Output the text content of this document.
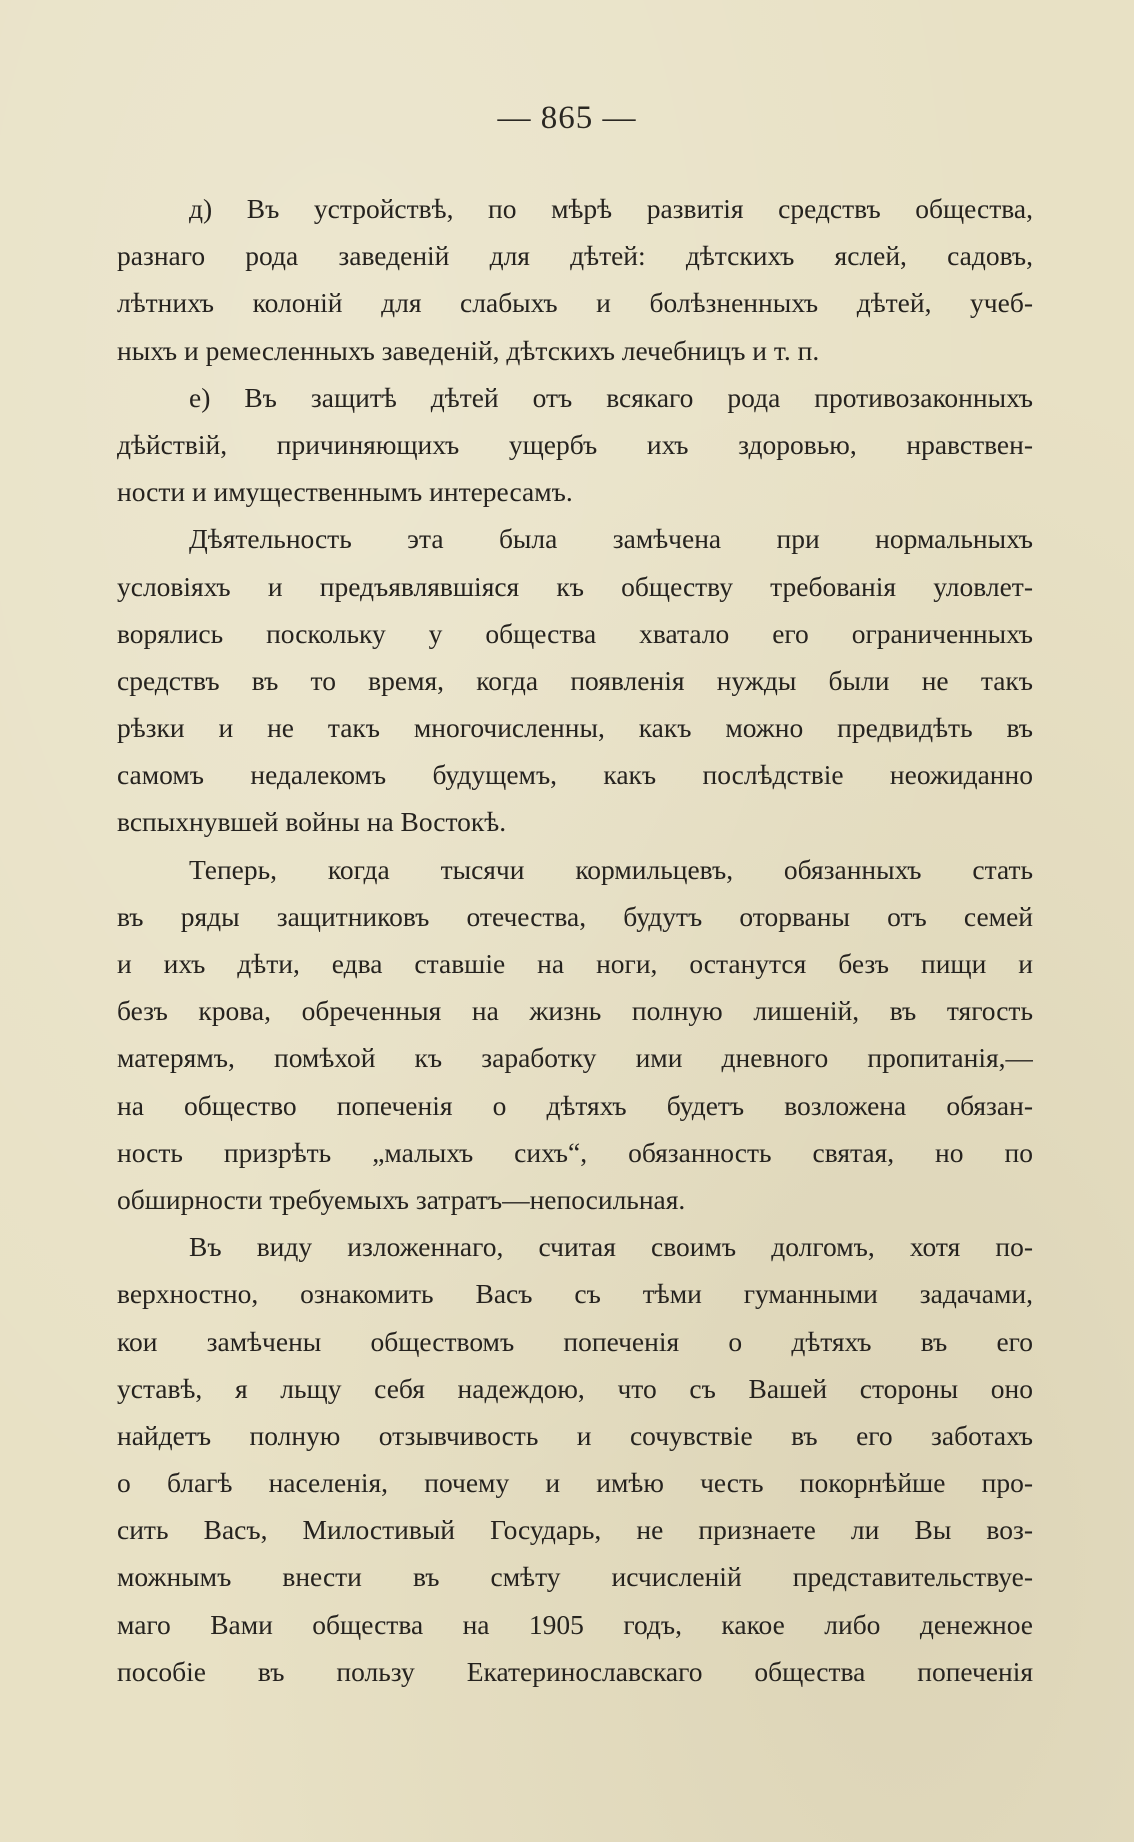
— 865 —
д) Въ устройствѣ, по мѣрѣ развитія средствъ общества,
разнаго рода заведеній для дѣтей: дѣтскихъ яслей, садовъ,
лѣтнихъ колоній для слабыхъ и болѣзненныхъ дѣтей, учеб-
ныхъ и ремесленныхъ заведеній, дѣтскихъ лечебницъ и т. п.
е) Въ защитѣ дѣтей отъ всякаго рода противозаконныхъ
дѣйствій, причиняющихъ ущербъ ихъ здоровью, нравствен-
ности и имущественнымъ интересамъ.
Дѣятельность эта была замѣчена при нормальныхъ
условіяхъ и предъявлявшіяся къ обществу требованія уловлет-
ворялись поскольку у общества хватало его ограниченныхъ
средствъ въ то время, когда появленія нужды были не такъ
рѣзки и не такъ многочисленны, какъ можно предвидѣть въ
самомъ недалекомъ будущемъ, какъ послѣдствіе неожиданно
вспыхнувшей войны на Востокѣ.
Теперь, когда тысячи кормильцевъ, обязанныхъ стать
въ ряды защитниковъ отечества, будутъ оторваны отъ семей
и ихъ дѣти, едва ставшіе на ноги, останутся безъ пищи и
безъ крова, обреченныя на жизнь полную лишеній, въ тягость
матерямъ, помѣхой къ заработку ими дневного пропитанія,—
на общество попеченія о дѣтяхъ будетъ возложена обязан-
ность призрѣть „малыхъ сихъ“, обязанность святая, но по
обширности требуемыхъ затратъ—непосильная.
Въ виду изложеннаго, считая своимъ долгомъ, хотя по-
верхностно, ознакомить Васъ съ тѣми гуманными задачами,
кои замѣчены обществомъ попеченія о дѣтяхъ въ его
уставѣ, я льщу себя надеждою, что съ Вашей стороны оно
найдетъ полную отзывчивость и сочувствіе въ его заботахъ
о благѣ населенія, почему и имѣю честь покорнѣйше про-
сить Васъ, Милостивый Государь, не признаете ли Вы воз-
можнымъ внести въ смѣту исчисленій представительствуе-
маго Вами общества на 1905 годъ, какое либо денежное
пособіе въ пользу Екатеринославскаго общества попеченія
